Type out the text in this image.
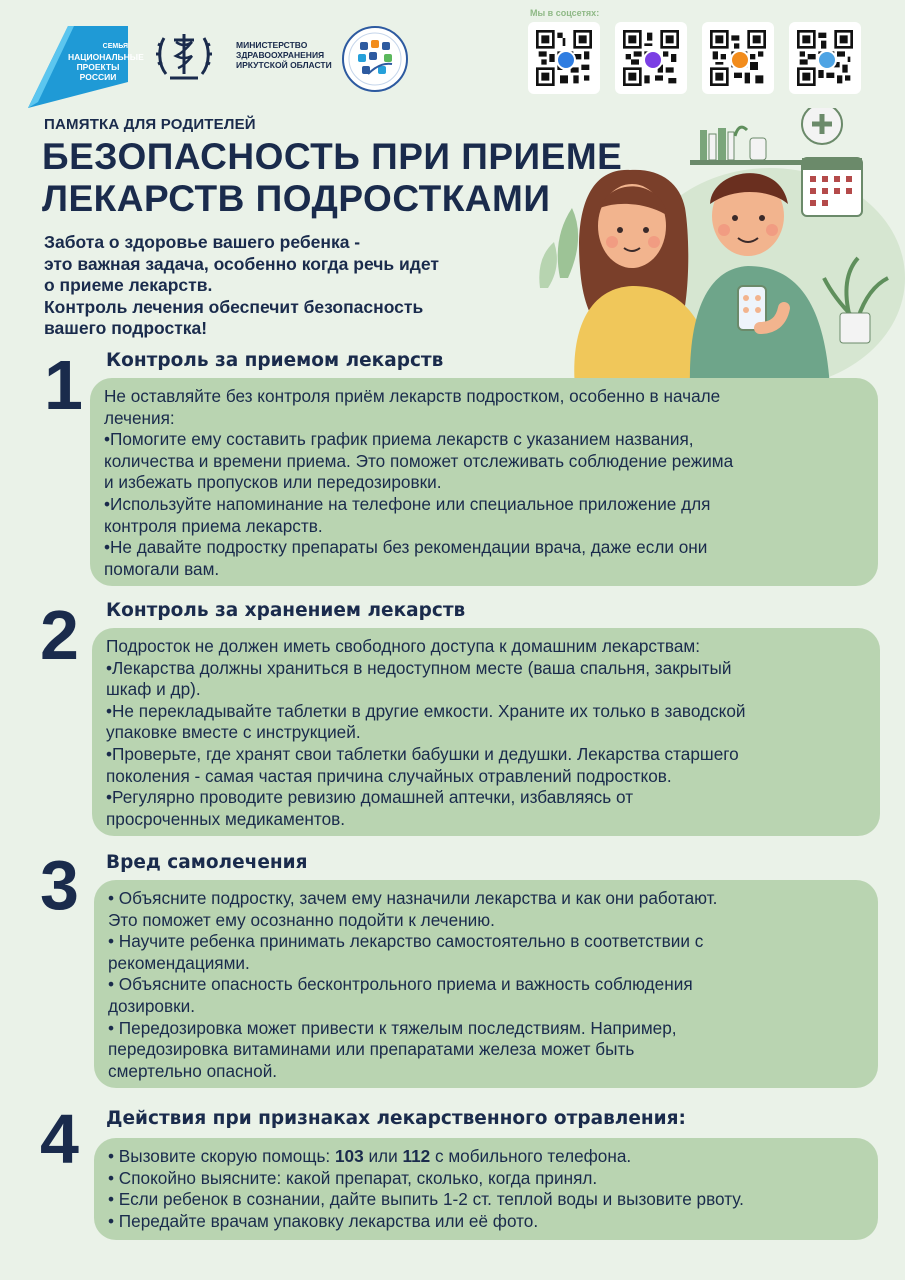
СЕМЬЯ
НАЦИОНАЛЬНЫЕ ПРОЕКТЫ РОССИИ
МИНИСТЕРСТВО
ЗДРАВООХРАНЕНИЯ
ИРКУТСКОЙ ОБЛАСТИ
Мы в соцсетях:
ПАМЯТКА ДЛЯ РОДИТЕЛЕЙ
БЕЗОПАСНОСТЬ ПРИ ПРИЕМЕ
ЛЕКАРСТВ ПОДРОСТКАМИ

Забота о здоровье вашего ребенка -

это важная задача, особенно когда речь идет

о приеме лекарств.

Контроль лечения обеспечит безопасность

вашего подростка!

1 Контроль за приемом лекарств

Не оставляйте без контроля приём лекарств подростком, особенно в начале

лечения:

•Помогите ему составить график приема лекарств с указанием названия,

количества и времени приема. Это поможет отслеживать соблюдение режима

и избежать пропусков или передозировки.

•Используйте напоминание на телефоне или специальное приложение для

контроля приема лекарств.

•Не давайте подростку препараты без рекомендации врача, даже если они

помогали вам.

2 Контроль за хранением лекарств

Подросток не должен иметь свободного доступа к домашним лекарствам:

•Лекарства должны храниться в недоступном месте (ваша спальня, закрытый

шкаф и др).

•Не перекладывайте таблетки в другие емкости. Храните их только в заводской

упаковке вместе с инструкцией.

•Проверьте, где хранят свои таблетки бабушки и дедушки. Лекарства старшего

поколения - самая частая причина случайных отравлений подростков.

•Регулярно проводите ревизию домашней аптечки, избавляясь от

просроченных медикаментов.

3 Вред самолечения

• Объясните подростку, зачем ему назначили лекарства и как они работают.

Это поможет ему осознанно подойти к лечению.

• Научите ребенка принимать лекарство самостоятельно в соответствии с

рекомендациями.

• Объясните опасность бесконтрольного приема и важность соблюдения

дозировки.

• Передозировка может привести к тяжелым последствиям. Например,

передозировка витаминами или препаратами железа может быть

смертельно опасной.

4 Действия при признаках лекарственного отравления:

• Вызовите скорую помощь: 103 или 112 с мобильного телефона.

• Спокойно выясните: какой препарат, сколько, когда принял.

• Если ребенок в сознании, дайте выпить 1-2 ст. теплой воды и вызовите рвоту.

• Передайте врачам упаковку лекарства или её фото.
